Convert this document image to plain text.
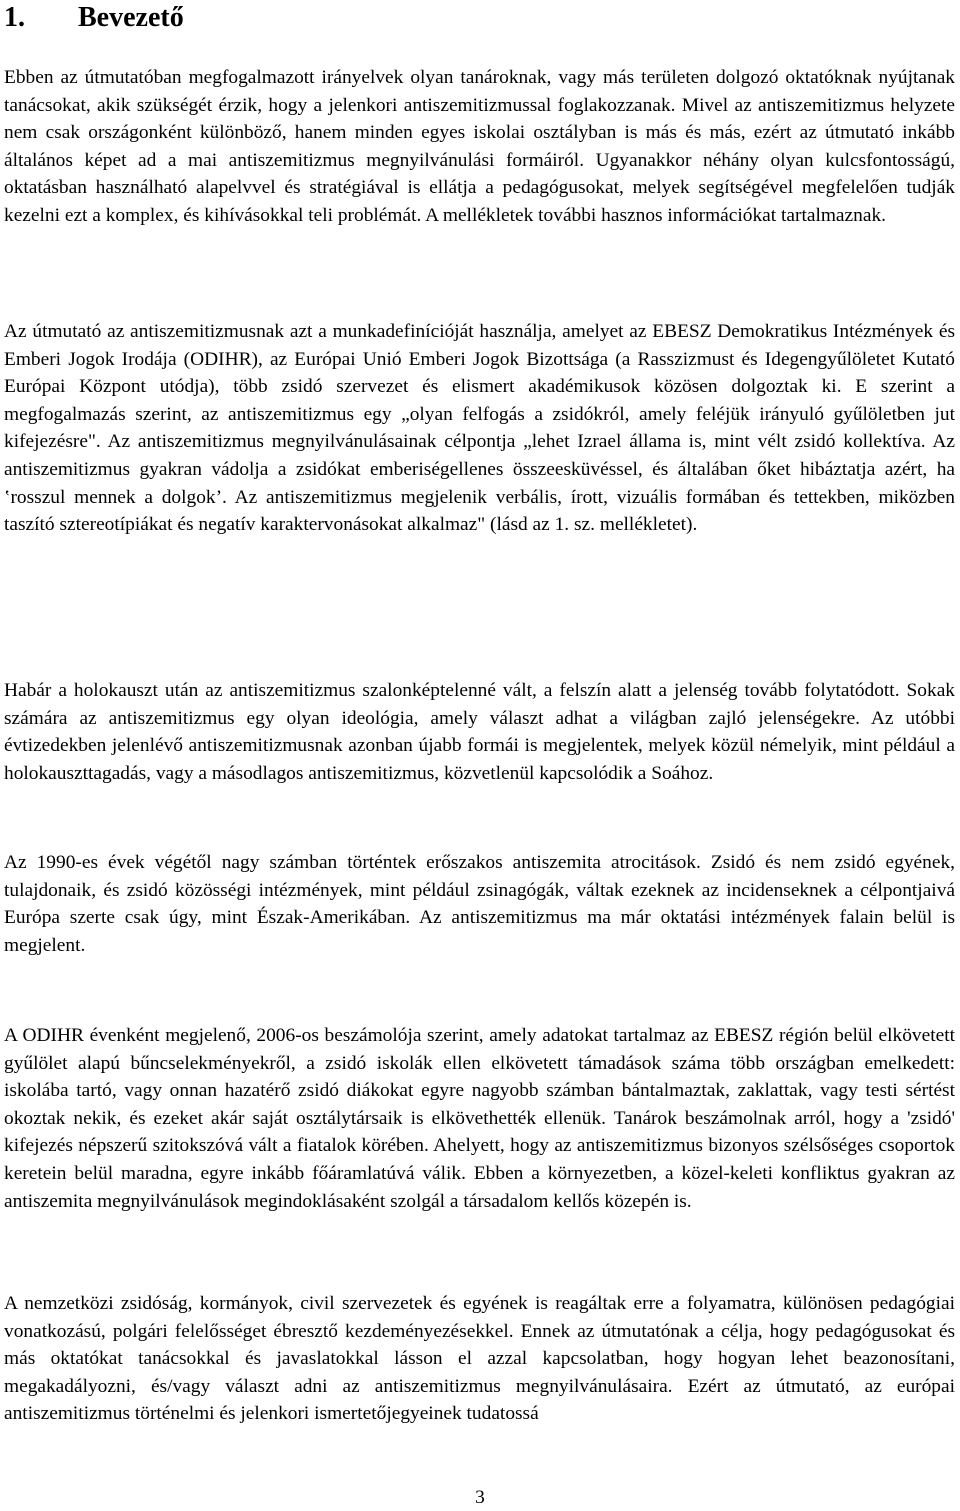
1. Bevezető

Ebben az útmutatóban megfogalmazott irányelvek olyan tanároknak, vagy más területen dolgozó oktatóknak nyújtanak tanácsokat, akik szükségét érzik, hogy a jelenkori antiszemitizmussal foglakozzanak. Mivel az antiszemitizmus helyzete nem csak országonként különböző, hanem minden egyes iskolai osztályban is más és más, ezért az útmutató inkább általános képet ad a mai antiszemitizmus megnyilvánulási formáiról. Ugyanakkor néhány olyan kulcsfontosságú, oktatásban használható alapelvvel és stratégiával is ellátja a pedagógusokat, melyek segítségével megfelelően tudják kezelni ezt a komplex, és kihívásokkal teli problémát. A mellékletek további hasznos információkat tartalmaznak.

Az útmutató az antiszemitizmusnak azt a munkadefinícióját használja, amelyet az EBESZ Demokratikus Intézmények és Emberi Jogok Irodája (ODIHR), az Európai Unió Emberi Jogok Bizottsága (a Rasszizmust és Idegengyűlöletet Kutató Európai Központ utódja), több zsidó szervezet és elismert akadémikusok közösen dolgoztak ki. E szerint a megfogalmazás szerint, az antiszemitizmus egy „olyan felfogás a zsidókról, amely feléjük irányuló gyűlöletben jut kifejezésre". Az antiszemitizmus megnyilvánulásainak célpontja „lehet Izrael állama is, mint vélt zsidó kollektíva. Az antiszemitizmus gyakran vádolja a zsidókat emberiségellenes összeesküvéssel, és általában őket hibáztatja azért, ha ‛rosszul mennek a dolgok’. Az antiszemitizmus megjelenik verbális, írott, vizuális formában és tettekben, miközben taszító sztereotípiákat és negatív karaktervonásokat alkalmaz" (lásd az 1. sz. mellékletet).

Habár a holokauszt után az antiszemitizmus szalonképtelenné vált, a felszín alatt a jelenség tovább folytatódott. Sokak számára az antiszemitizmus egy olyan ideológia, amely választ adhat a világban zajló jelenségekre. Az utóbbi évtizedekben jelenlévő antiszemitizmusnak azonban újabb formái is megjelentek, melyek közül némelyik, mint például a holokauszttagadás, vagy a másodlagos antiszemitizmus, közvetlenül kapcsolódik a Soához.

Az 1990-es évek végétől nagy számban történtek erőszakos antiszemita atrocitások. Zsidó és nem zsidó egyének, tulajdonaik, és zsidó közösségi intézmények, mint például zsinagógák, váltak ezeknek az incidenseknek a célpontjaivá Európa szerte csak úgy, mint Észak-Amerikában. Az antiszemitizmus ma már oktatási intézmények falain belül is megjelent.

A ODIHR évenként megjelenő, 2006-os beszámolója szerint, amely adatokat tartalmaz az EBESZ régión belül elkövetett gyűlölet alapú bűncselekményekről, a zsidó iskolák ellen elkövetett támadások száma több országban emelkedett: iskolába tartó, vagy onnan hazatérő zsidó diákokat egyre nagyobb számban bántalmaztak, zaklattak, vagy testi sértést okoztak nekik, és ezeket akár saját osztálytársaik is elkövethették ellenük. Tanárok beszámolnak arról, hogy a 'zsidó' kifejezés népszerű szitokszóvá vált a fiatalok körében. Ahelyett, hogy az antiszemitizmus bizonyos szélsőséges csoportok keretein belül maradna, egyre inkább főáramlatúvá válik. Ebben a környezetben, a közel-keleti konfliktus gyakran az antiszemita megnyilvánulások megindoklásaként szolgál a társadalom kellős közepén is.

A nemzetközi zsidóság, kormányok, civil szervezetek és egyének is reagáltak erre a folyamatra, különösen pedagógiai vonatkozású, polgári felelősséget ébresztő kezdeményezésekkel. Ennek az útmutatónak a célja, hogy pedagógusokat és más oktatókat tanácsokkal és javaslatokkal lásson el azzal kapcsolatban, hogy hogyan lehet beazonosítani, megakadályozni, és/vagy választ adni az antiszemitizmus megnyilvánulásaira. Ezért az útmutató, az európai antiszemitizmus történelmi és jelenkori ismertetőjegyeinek tudatossá

3
